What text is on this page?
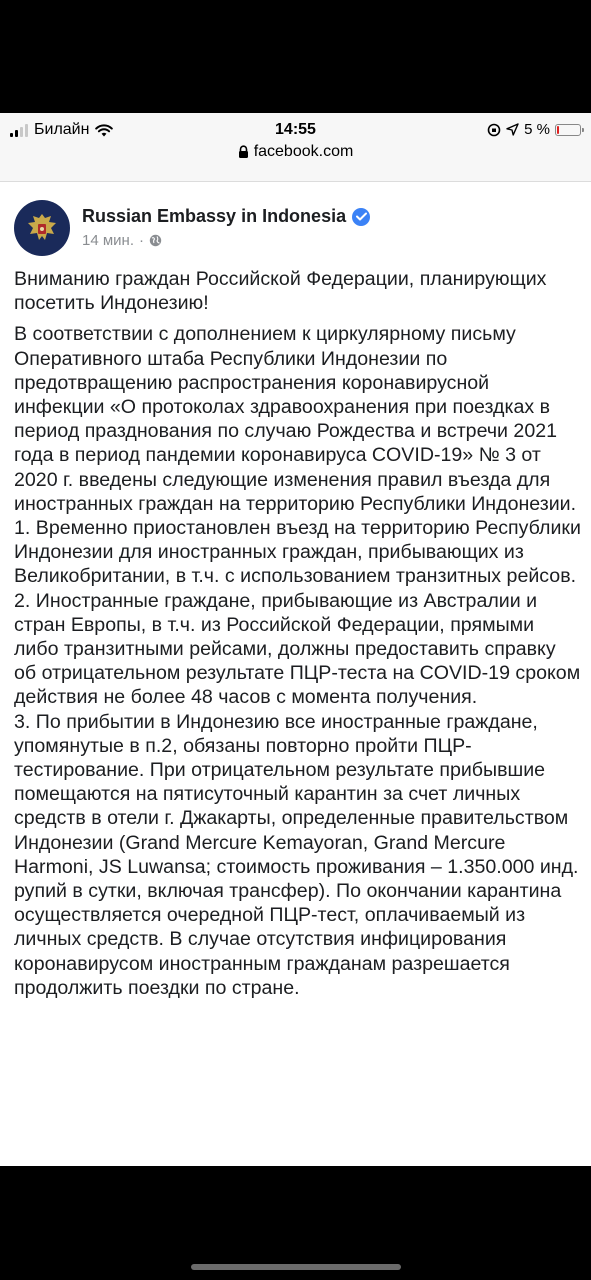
Билайн	14:55	5 %
facebook.com
Russian Embassy in Indonesia
14 мин. ·

Вниманию граждан Российской Федерации, планирующих посетить Индонезию!

В соответствии с дополнением к циркулярному письму Оперативного штаба Республики Индонезии по предотвращению распространения коронавирусной инфекции «О протоколах здравоохранения при поездках в период празднования по случаю Рождества и встречи 2021 года в период пандемии коронавируса COVID-19» № 3 от 2020 г. введены следующие изменения правил въезда для иностранных граждан на территорию Республики Индонезии.

1. Временно приостановлен въезд на территорию Республики Индонезии для иностранных граждан, прибывающих из Великобритании, в т.ч. с использованием транзитных рейсов.

2. Иностранные граждане, прибывающие из Австралии и стран Европы, в т.ч. из Российской Федерации, прямыми либо транзитными рейсами, должны предоставить справку об отрицательном результате ПЦР-теста на COVID-19 сроком действия не более 48 часов с момента получения.

3. По прибытии в Индонезию все иностранные граждане, упомянутые в п.2, обязаны повторно пройти ПЦР-тестирование. При отрицательном результате прибывшие помещаются на пятисуточный карантин за счет личных средств в отели г. Джакарты, определенные правительством Индонезии (Grand Mercure Kemayoran, Grand Mercure Harmoni, JS Luwansa; стоимость проживания – 1.350.000 инд. рупий в сутки, включая трансфер). По окончании карантина осуществляется очередной ПЦР-тест, оплачиваемый из личных средств. В случае отсутствия инфицирования коронавирусом иностранным гражданам разрешается продолжить поездки по стране.
